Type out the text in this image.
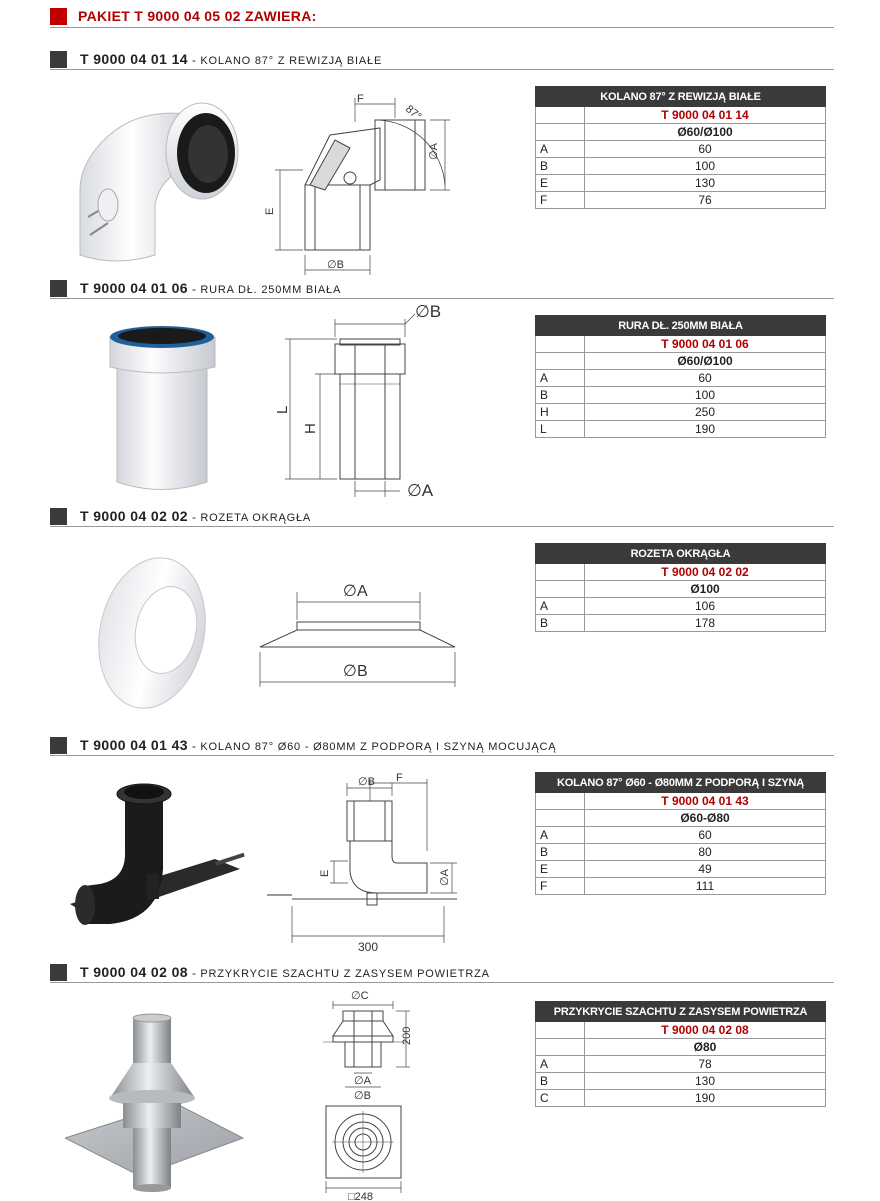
PAKIET T 9000 04 05 02 ZAWIERA:
T 9000 04 01 14 - KOLANO 87° Z REWIZJĄ BIAŁE
F
87°
∅A
E
∅B
KOLANO 87° Z REWIZJĄ BIAŁE	
	T 9000 04 01 14
	Ø60/Ø100
A	60
B	100
E	130
F	76
T 9000 04 01 06 - RURA DŁ. 250MM BIAŁA
∅B
L
H
∅A
RURA DŁ. 250MM BIAŁA	
	T 9000 04 01 06
	Ø60/Ø100
A	60
B	100
H	250
L	190
T 9000 04 02 02 - ROZETA OKRĄGŁA
∅A
∅B
ROZETA OKRĄGŁA	
	T 9000 04 02 02
	Ø100
A	106
B	178
T 9000 04 01 43 - KOLANO 87° Ø60 - Ø80MM Z PODPORĄ I SZYNĄ MOCUJĄCĄ
∅B F
E	∅A
300
KOLANO 87° Ø60 - Ø80MM Z PODPORĄ I SZYNĄ	
	T 9000 04 01 43
	Ø60-Ø80
A	60
B	80
E	49
F	111
T 9000 04 02 08 - PRZYKRYCIE SZACHTU Z ZASYSEM POWIETRZA
∅C
200
∅A
∅B
□248
PRZYKRYCIE SZACHTU Z ZASYSEM POWIETRZA	
	T 9000 04 02 08
	Ø80
A	78
B	130
C	190
